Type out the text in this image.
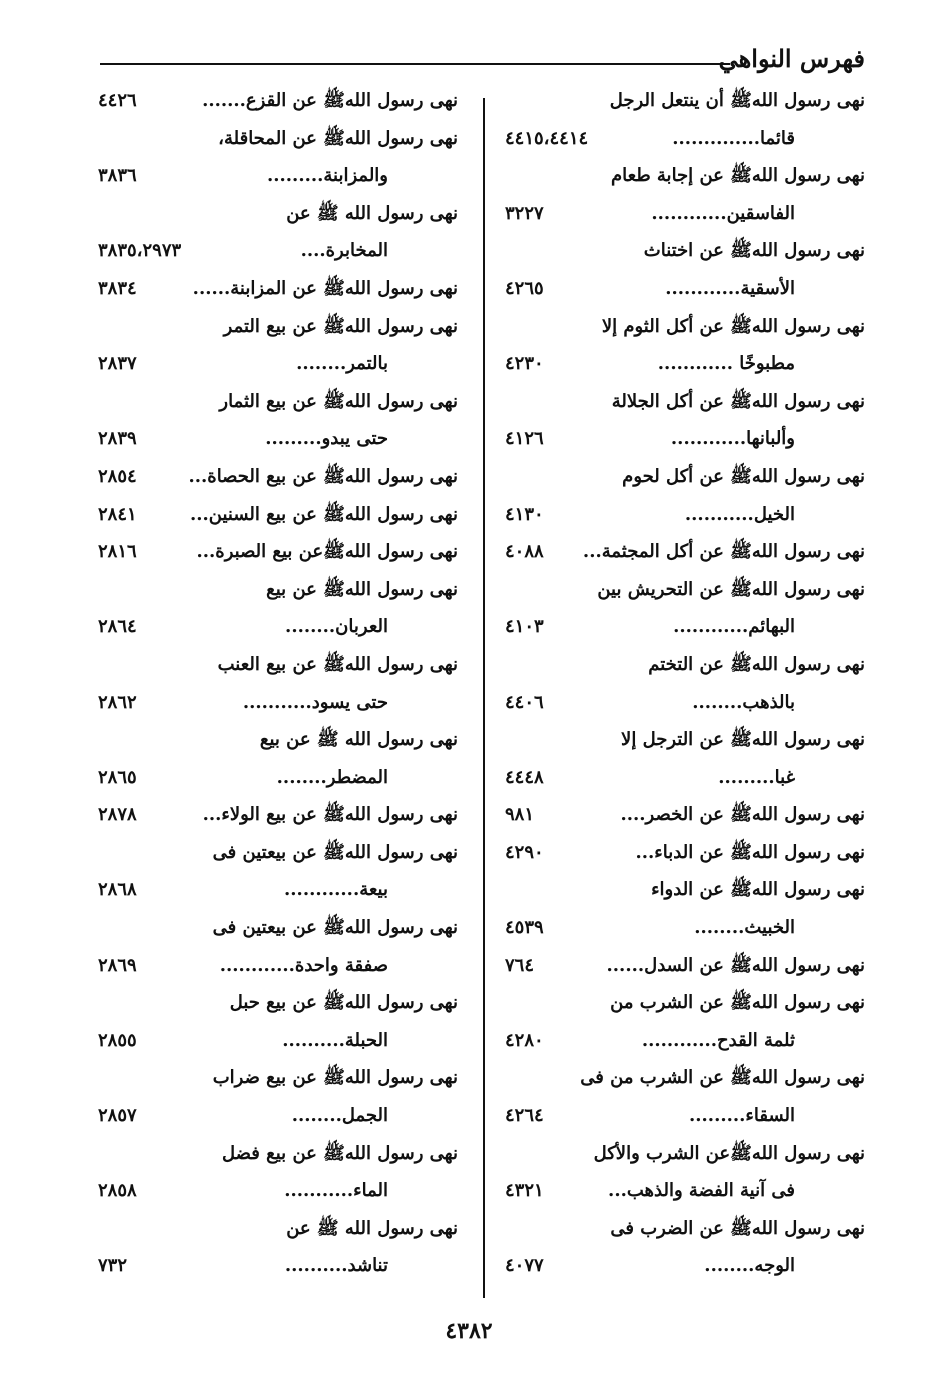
فهرس النواهي
نهى رسول اللهﷺ أن ينتعل الرجل
قائما..............
٤٤١٥،٤٤١٤
نهى رسول اللهﷺ عن إجابة طعام
الفاسقين............
٣٢٢٧
نهى رسول اللهﷺ عن اختناث
الأسقية............
٤٢٦٥
نهى رسول اللهﷺ عن أكل الثوم إلا
مطبوخًا ............
٤٢٣٠
نهى رسول اللهﷺ عن أكل الجلالة
وألبانها............
٤١٢٦
نهى رسول اللهﷺ عن أكل لحوم
الخيل...........
٤١٣٠
نهى رسول اللهﷺ عن أكل المجثمة...
٤٠٨٨
نهى رسول اللهﷺ عن التحريش بين
البهائم............
٤١٠٣
نهى رسول اللهﷺ عن التختم
بالذهب........
٤٤٠٦
نهى رسول اللهﷺ عن الترجل إلا
غبا.........
٤٤٤٨
نهى رسول اللهﷺ عن الخصر....
٩٨١
نهى رسول اللهﷺ عن الدباء...
٤٢٩٠
نهى رسول اللهﷺ عن الدواء
الخبيث........
٤٥٣٩
نهى رسول اللهﷺ عن السدل......
٧٦٤
نهى رسول اللهﷺ عن الشرب من
ثلمة القدح............
٤٢٨٠
نهى رسول اللهﷺ عن الشرب من فى
السقاء.........
٤٢٦٤
نهى رسول اللهﷺعن الشرب والأكل
فى آنية الفضة والذهب...
٤٣٢١
نهى رسول اللهﷺ عن الضرب فى
الوجه........
٤٠٧٧
نهى رسول اللهﷺ عن القزع.......
٤٤٢٦
نهى رسول اللهﷺ عن المحاقلة،
والمزابنة.........
٣٨٣٦
نهى رسول الله ﷺ عن
المخابرة....
٣٨٣٥،٢٩٧٣
نهى رسول اللهﷺ عن المزابنة......
٣٨٣٤
نهى رسول اللهﷺ عن بيع التمر
بالتمر........
٢٨٣٧
نهى رسول اللهﷺ عن بيع الثمار
حتى يبدو.........
٢٨٣٩
نهى رسول اللهﷺ عن بيع الحصاة...
٢٨٥٤
نهى رسول اللهﷺ عن بيع السنين...
٢٨٤١
نهى رسول اللهﷺعن بيع الصبرة...
٢٨١٦
نهى رسول اللهﷺ عن بيع
العربان........
٢٨٦٤
نهى رسول اللهﷺ عن بيع العنب
حتى يسود...........
٢٨٦٢
نهى رسول الله ﷺ عن بيع
المضطر........
٢٨٦٥
نهى رسول اللهﷺ عن بيع الولاء...
٢٨٧٨
نهى رسول اللهﷺ عن بيعتين فى
بيعة............
٢٨٦٨
نهى رسول اللهﷺ عن بيعتين فى
صفقة واحدة............
٢٨٦٩
نهى رسول اللهﷺ عن بيع حبل
الحبلة..........
٢٨٥٥
نهى رسول اللهﷺ عن بيع ضراب
الجمل........
٢٨٥٧
نهى رسول اللهﷺ عن بيع فضل
الماء...........
٢٨٥٨
نهى رسول الله ﷺ عن
تناشد..........
٧٣٢
٤٣٨٢
